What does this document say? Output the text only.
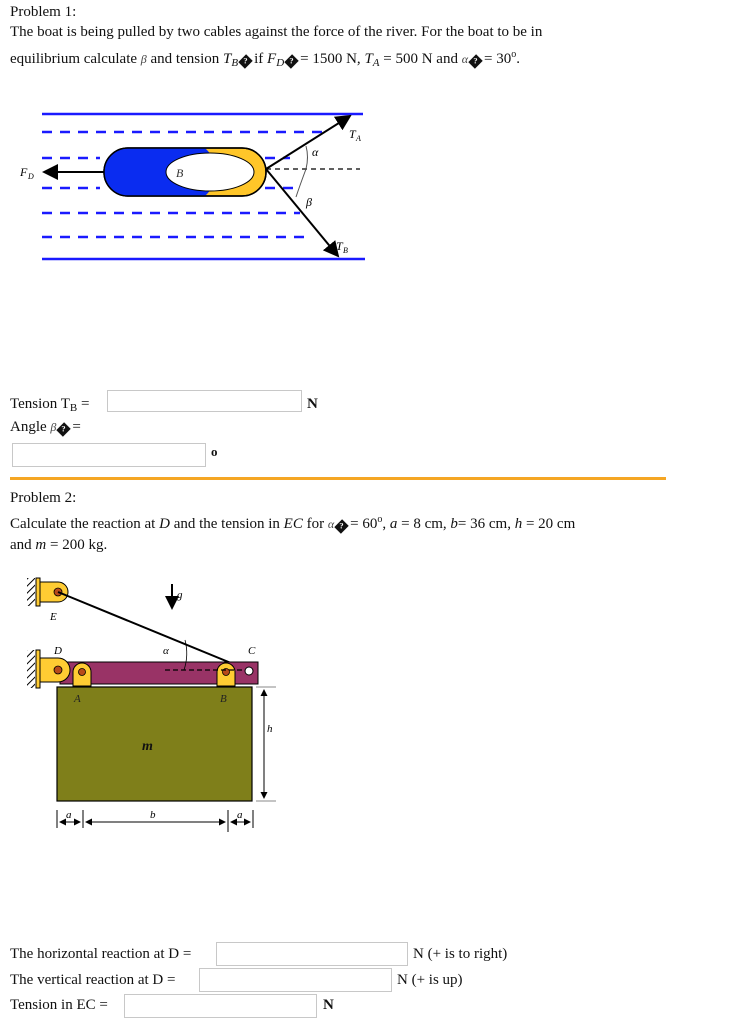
Problem 1:
The boat is being pulled by two cables against the force of the river. For the boat to be in
equilibrium calculate β and tension $T_B$ ? if $F_D$ ? = 1500 N, $T_A = 500$ N and α ? = $30^o$.
B
F D
T A
T B
α
β
Tension $T_B$ =	N
Angle β ? =
o
Problem 2:
Calculate the reaction at D and the tension in EC for α ? = $60^o$, a = 8 cm, b= 36 cm, h = 20 cm
and m = 200 kg.
E
g
D	C
α
A	B
m
h
a	b	a
The horizontal reaction at D =	N (+ is to right)
The vertical reaction at D =	N (+ is up)
Tension in EC =	N
